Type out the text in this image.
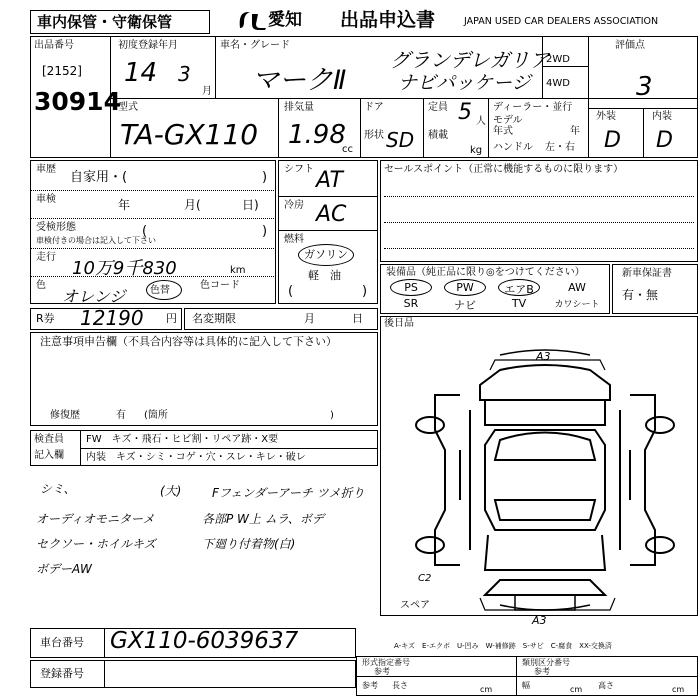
車内保管・守衛保管	愛知 出品申込書	JAPAN USED CAR DEALERS ASSOCIATION
出品番号
[2152]
30914
初度登録年月
14 3
月
車名・グレード
マークⅡ
グランデレガリア
ナビパッケージ
2WD
4WD
評価点
3
外装	内装
D D
型式
TA-GX110
排気量
1.98
cc
ドア
形状 SD
定員 5 人
積載
kg
ディーラー・並行
モデル
年式	年
ハンドル 左・右
車歴
自家用・(	)
車検	年	月(	日)
受検形態
車検付きの場合は記入して下さい
(	)
走行
10万9千830	km
色
オレンジ 色替	色コード
シフト AT
冷房 AC
燃料
ガソリン
軽　油
(	)
セールスポイント（正常に機能するものに限ります）
装備品（純正品に限り◎をつけてください）
PS	PW	エアB	AW
SR	ナビ	TV	カワシート
新車保証書
有・無
R券 12190 円 名変期限	月	日 後日品
注意事項申告欄（不具合内容等は具体的に記入して下さい）
修復歴	有 (箇所	)
検査員
記入欄
FW　キズ・飛石・ヒビ割・リペア跡・X要
内装 キズ・シミ・コゲ・穴・スレ・キレ・破レ
シミ、	(大)	Fフェンダーアーチ ツメ折り
オーディオモニターメ	各部P W上 ムラ、ボデ
セクソー・ホイルキズ	下廻り付着物(白)
ボデーAW
A3
A3
C2
スペア
A-キズ　E-エクボ　U-凹み　W-補修跡　S-サビ　C-腐食　XX-交換済
車台番号 GX110-6039637
登録番号
形式指定番号
参考
類別区分番号
参考
参考 長さ	cm	幅	cm 高さ	cm
